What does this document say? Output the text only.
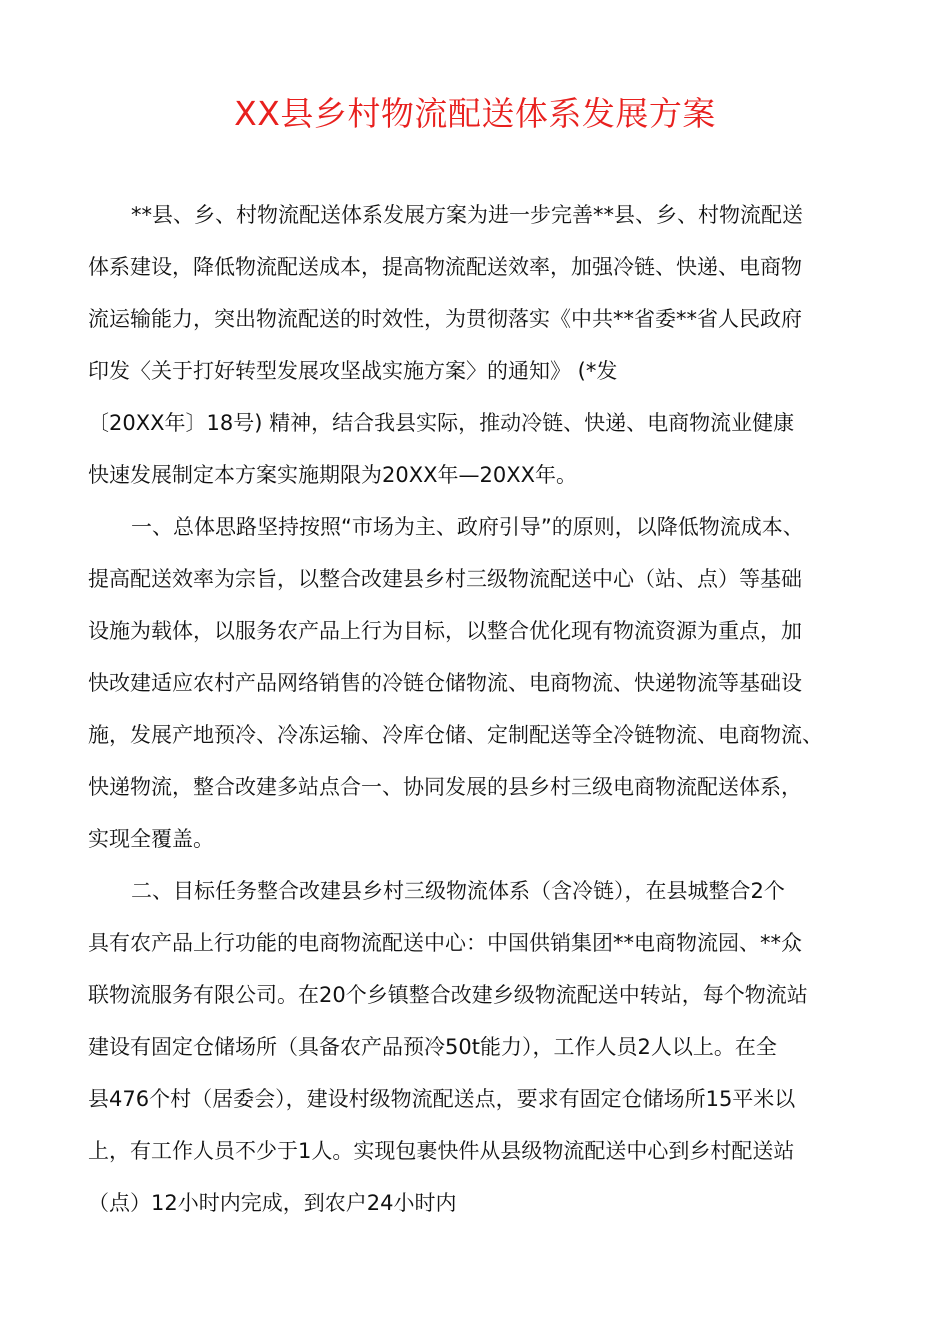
XX县乡村物流配送体系发展方案
**县、乡、村物流配送体系发展方案为进一步完善**县、乡、村物流配送
体系建设，降低物流配送成本，提高物流配送效率，加强冷链、快递、电商物
流运输能力，突出物流配送的时效性，为贯彻落实《中共**省委**省人民政府
印发〈关于打好转型发展攻坚战实施方案〉的通知》 (*发
〔20XX年〕18号) 精神，结合我县实际，推动冷链、快递、电商物流业健康
快速发展制定本方案实施期限为20XX年—20XX年。
一、总体思路坚持按照“市场为主、政府引导”的原则，以降低物流成本、
提高配送效率为宗旨，以整合改建县乡村三级物流配送中心（站、点）等基础
设施为载体，以服务农产品上行为目标，以整合优化现有物流资源为重点，加
快改建适应农村产品网络销售的冷链仓储物流、电商物流、快递物流等基础设
施，发展产地预冷、冷冻运输、冷库仓储、定制配送等全冷链物流、电商物流、
快递物流，整合改建多站点合一、协同发展的县乡村三级电商物流配送体系，
实现全覆盖。
二、目标任务整合改建县乡村三级物流体系（含冷链），在县城整合2个
具有农产品上行功能的电商物流配送中心：中国供销集团**电商物流园、**众
联物流服务有限公司。在20个乡镇整合改建乡级物流配送中转站，每个物流站
建设有固定仓储场所（具备农产品预冷50t能力），工作人员2人以上。在全
县476个村（居委会），建设村级物流配送点，要求有固定仓储场所15平米以
上，有工作人员不少于1人。实现包裹快件从县级物流配送中心到乡村配送站
（点）12小时内完成，到农户24小时内
